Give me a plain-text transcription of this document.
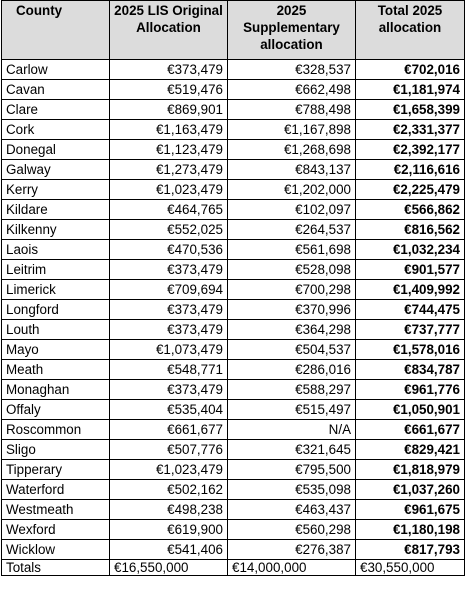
County	2025 LIS Original Allocation	2025 Supplementary allocation	Total 2025 allocation
Carlow	€373,479	€328,537	€702,016
Cavan	€519,476	€662,498	€1,181,974
Clare	€869,901	€788,498	€1,658,399
Cork	€1,163,479	€1,167,898	€2,331,377
Donegal	€1,123,479	€1,268,698	€2,392,177
Galway	€1,273,479	€843,137	€2,116,616
Kerry	€1,023,479	€1,202,000	€2,225,479
Kildare	€464,765	€102,097	€566,862
Kilkenny	€552,025	€264,537	€816,562
Laois	€470,536	€561,698	€1,032,234
Leitrim	€373,479	€528,098	€901,577
Limerick	€709,694	€700,298	€1,409,992
Longford	€373,479	€370,996	€744,475
Louth	€373,479	€364,298	€737,777
Mayo	€1,073,479	€504,537	€1,578,016
Meath	€548,771	€286,016	€834,787
Monaghan	€373,479	€588,297	€961,776
Offaly	€535,404	€515,497	€1,050,901
Roscommon	€661,677	N/A	€661,677
Sligo	€507,776	€321,645	€829,421
Tipperary	€1,023,479	€795,500	€1,818,979
Waterford	€502,162	€535,098	€1,037,260
Westmeath	€498,238	€463,437	€961,675
Wexford	€619,900	€560,298	€1,180,198
Wicklow	€541,406	€276,387	€817,793
Totals	€16,550,000	€14,000,000	€30,550,000
